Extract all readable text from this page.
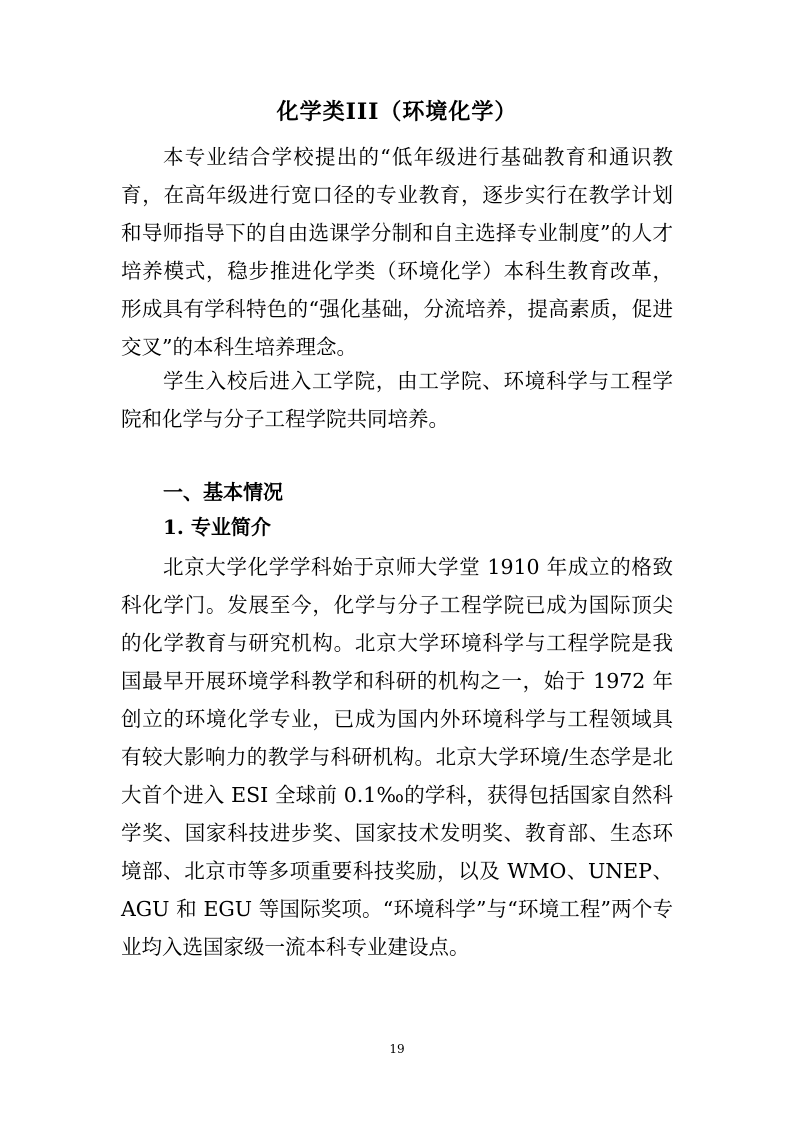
化学类III（环境化学）

本专业结合学校提出的“低年级进行基础教育和通识教育，在高年级进行宽口径的专业教育，逐步实行在教学计划和导师指导下的自由选课学分制和自主选择专业制度”的人才培养模式，稳步推进化学类（环境化学）本科生教育改革，形成具有学科特色的“强化基础，分流培养，提高素质，促进交叉”的本科生培养理念。

学生入校后进入工学院，由工学院、环境科学与工程学院和化学与分子工程学院共同培养。

一、基本情况
1. 专业简介

北京大学化学学科始于京师大学堂 1910 年成立的格致科化学门。发展至今，化学与分子工程学院已成为国际顶尖的化学教育与研究机构。北京大学环境科学与工程学院是我国最早开展环境学科教学和科研的机构之一，始于 1972 年创立的环境化学专业，已成为国内外环境科学与工程领域具有较大影响力的教学与科研机构。北京大学环境/生态学是北大首个进入 ESI 全球前 0.1‰的学科，获得包括国家自然科学奖、国家科技进步奖、国家技术发明奖、教育部、生态环境部、北京市等多项重要科技奖励，以及 WMO、UNEP、AGU 和 EGU 等国际奖项。“环境科学”与“环境工程”两个专业均入选国家级一流本科专业建设点。

19
